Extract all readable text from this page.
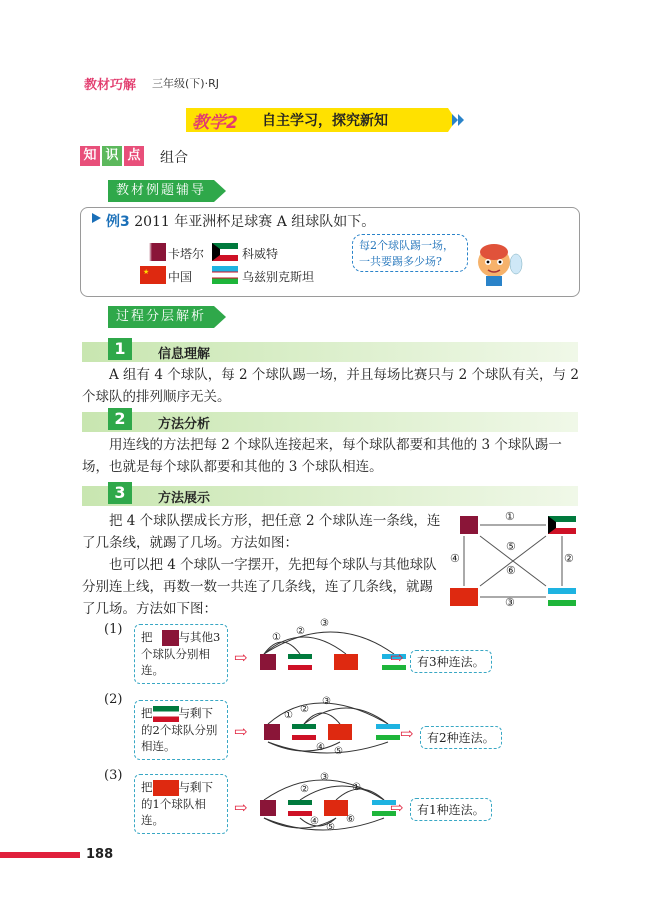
教材巧解 三年级(下)·RJ
教学2 自主学习，探究新知
知 识 点 组合
教材例题辅导
例3 2011 年亚洲杯足球赛 A 组球队如下。
卡塔尔	科威特
★ 中国	乌兹别克斯坦
每2个球队踢一场，一共要踢多少场?
过程分层解析
1	信息理解
A 组有 4 个球队，每 2 个球队踢一场，并且每场比赛只与 2 个球队有关，与 2 个球队的排列顺序无关。
2	方法分析
用连线的方法把每 2 个球队连接起来，每个球队都要和其他的 3 个球队踢一场，也就是每个球队都要和其他的 3 个球队相连。
3	方法展示
把 4 个球队摆成长方形，把任意 2 个球队连一条线，连了几条线，就踢了几场。方法如图：
也可以把 4 个球队一字摆开，先把每个球队与其他球队分别连上线，再数一数一共连了几条线，连了几条线，就踢了几场。方法如下图：
①
②
③
④
⑤
⑥
(1)	把 与其他3个球队分别相连。
⇨
①
②
③
⇨	有3种连法。
(2)
把 与剩下的2个球队分别相连。
⇨
①
②
③
④ ⑤
⇨	有2种连法。
(3)
把 与剩下的1个球队相连。
⇨
①
②
③
④
⑤
⑥
⇨	有1种连法。
188
